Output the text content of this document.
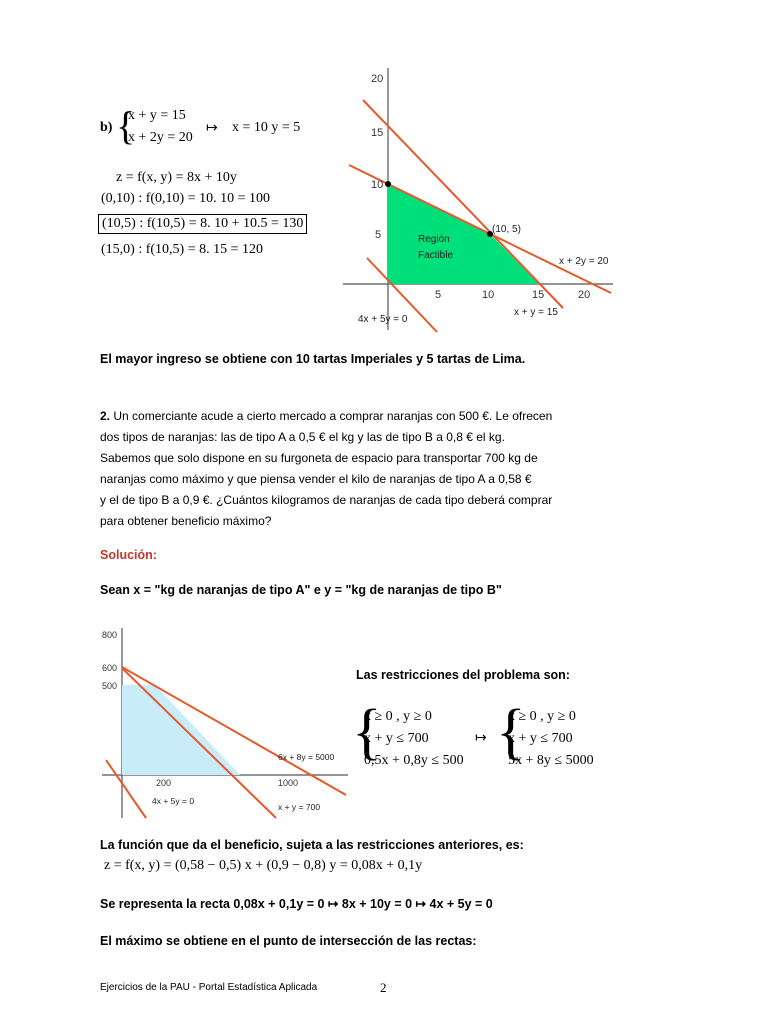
b) {
x + y = 15
x + 2y = 20
↦ x = 10 y = 5
z = f(x, y) = 8x + 10y
(0,10) : f(0,10) = 10. 10 = 100
(10,5) : f(10,5) = 8. 10 + 10.5 = 130
(15,0) : f(10,5) = 8. 15 = 120
20
15
10
5
5	10	15	20
Región
Factible
(10, 5)
x + 2y = 20
x + y = 15
4x + 5y = 0
El mayor ingreso se obtiene con 10 tartas Imperiales y 5 tartas de Lima.
2. Un comerciante acude a cierto mercado a comprar naranjas con 500 €. Le ofrecen
dos tipos de naranjas: las de tipo A a 0,5 € el kg y las de tipo B a 0,8 € el kg.
Sabemos que solo dispone en su furgoneta de espacio para transportar 700 kg de
naranjas como máximo y que piensa vender el kilo de naranjas de tipo A a 0,58 €
y el de tipo B a 0,9 €. ¿Cuántos kilogramos de naranjas de cada tipo deberá comprar
para obtener beneficio máximo?
Solución:
Sean x = "kg de naranjas de tipo A" e y = "kg de naranjas de tipo B"
800
600
500
200	1000
6x + 8y = 5000
x + y = 700
4x + 5y = 0
Las restricciones del problema son:
{
x ≥ 0 , y ≥ 0
x + y ≤ 700
0,5x + 0,8y ≤ 500
↦ {
x ≥ 0 , y ≥ 0
x + y ≤ 700
5x + 8y ≤ 5000
La función que da el beneficio, sujeta a las restricciones anteriores, es:
z = f(x, y) = (0,58 − 0,5) x + (0,9 − 0,8) y = 0,08x + 0,1y
Se representa la recta 0,08x + 0,1y = 0 ↦ 8x + 10y = 0 ↦ 4x + 5y = 0
El máximo se obtiene en el punto de intersección de las rectas:
Ejercicios de la PAU - Portal Estadística Aplicada	2
